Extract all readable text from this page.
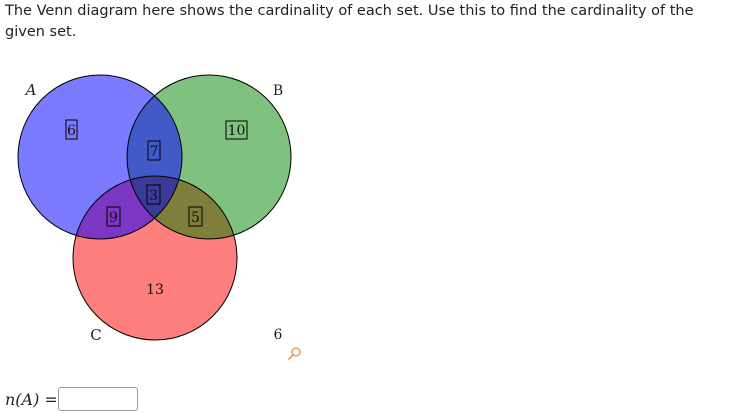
The Venn diagram here shows the cardinality of each set. Use this to find the cardinality of the given set.
A	B
C
6	10
7
3
9	5
13
6
n(A) =
